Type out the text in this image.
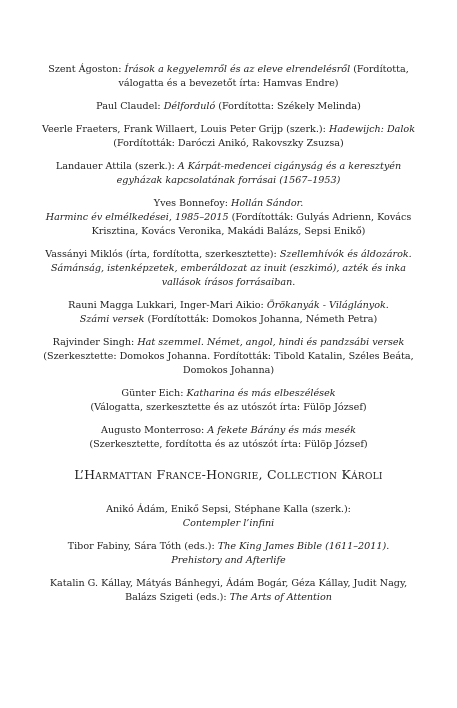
Szent Ágoston: Írások a kegyelemről és az eleve elrendelésről (Fordította,
válogatta és a bevezetőt írta: Hamvas Endre)
Paul Claudel: Délforduló (Fordította: Székely Melinda)
Veerle Fraeters, Frank Willaert, Louis Peter Grijp (szerk.): Hadewijch: Dalok
(Fordították: Daróczi Anikó, Rakovszky Zsuzsa)
Landauer Attila (szerk.): A Kárpát-medencei cigányság és a keresztyén
egyházak kapcsolatának forrásai (1567–1953)
Yves Bonnefoy: Hollán Sándor.
Harminc év elmélkedései, 1985–2015 (Fordították: Gulyás Adrienn, Kovács
Krisztina, Kovács Veronika, Makádi Balázs, Sepsi Enikő)
Vassányi Miklós (írta, fordította, szerkesztette): Szellemhívók és áldozárok.
Sámánság, istenképzetek, emberáldozat az inuit (eszkimó), azték és inka
vallások írásos forrásaiban.
Rauni Magga Lukkari, Inger-Mari Aikio: Örökanyák - Világlányok.
Számi versek (Fordították: Domokos Johanna, Németh Petra)
Rajvinder Singh: Hat szemmel. Német, angol, hindi és pandzsábi versek
(Szerkesztette: Domokos Johanna. Fordították: Tibold Katalin, Széles Beáta,
Domokos Johanna)
Günter Eich: Katharina és más elbeszélések
(Válogatta, szerkesztette és az utószót írta: Fülöp József)
Augusto Monterroso: A fekete Bárány és más mesék
(Szerkesztette, fordította és az utószót írta: Fülöp József)
L’Harmattan France-Hongrie, Collection Károli
Anikó Ádám, Enikő Sepsi, Stéphane Kalla (szerk.):
Contempler l’infini
Tibor Fabiny, Sára Tóth (eds.): The King James Bible (1611–2011).
Prehistory and Afterlife
Katalin G. Kállay, Mátyás Bánhegyi, Ádám Bogár, Géza Kállay, Judit Nagy,
Balázs Szigeti (eds.): The Arts of Attention
